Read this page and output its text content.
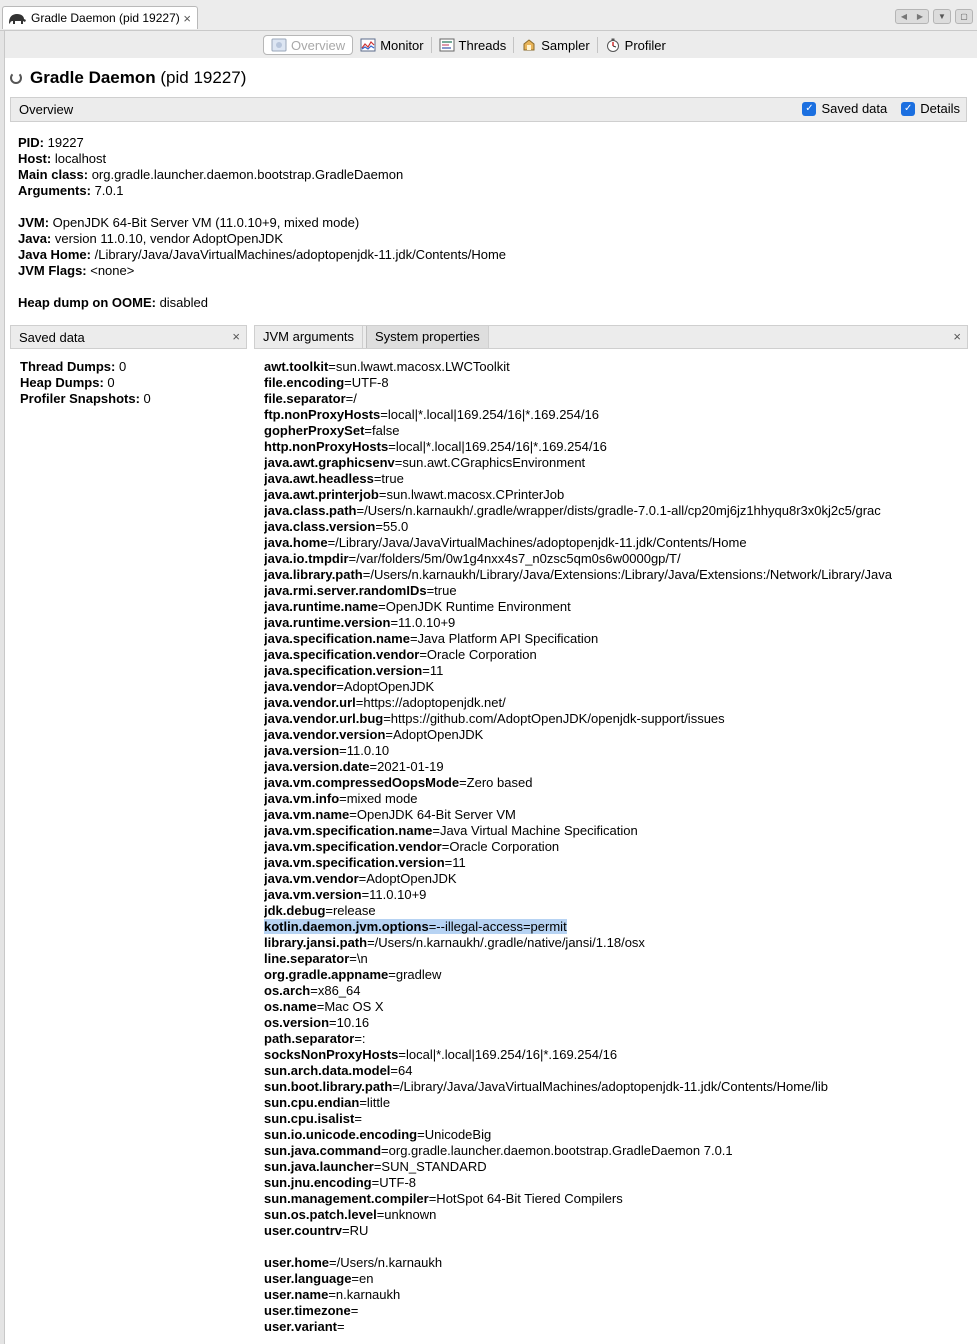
Gradle Daemon (pid 19227) ×	◀	▶	▼	▢
Overview	Monitor	Threads	Sampler	Profiler
Gradle Daemon (pid 19227)
Overview	✓ Saved data ✓ Details
PID: 19227
Host: localhost
Main class: org.gradle.launcher.daemon.bootstrap.GradleDaemon
Arguments: 7.0.1
JVM: OpenJDK 64-Bit Server VM (11.0.10+9, mixed mode)
Java: version 11.0.10, vendor AdoptOpenJDK
Java Home: /Library/Java/JavaVirtualMachines/adoptopenjdk-11.jdk/Contents/Home
JVM Flags: <none>
Heap dump on OOME: disabled
Saved data	×
Thread Dumps: 0
Heap Dumps: 0
Profiler Snapshots: 0
JVM arguments	System properties	×
awt.toolkit=sun.lwawt.macosx.LWCToolkit
file.encoding=UTF-8
file.separator=/
ftp.nonProxyHosts=local|*.local|169.254/16|*.169.254/16
gopherProxySet=false
http.nonProxyHosts=local|*.local|169.254/16|*.169.254/16
java.awt.graphicsenv=sun.awt.CGraphicsEnvironment
java.awt.headless=true
java.awt.printerjob=sun.lwawt.macosx.CPrinterJob
java.class.path=/Users/n.karnaukh/.gradle/wrapper/dists/gradle-7.0.1-all/cp20mj6jz1hhyqu8r3x0kj2c5/grac
java.class.version=55.0
java.home=/Library/Java/JavaVirtualMachines/adoptopenjdk-11.jdk/Contents/Home
java.io.tmpdir=/var/folders/5m/0w1g4nxx4s7_n0zsc5qm0s6w0000gp/T/
java.library.path=/Users/n.karnaukh/Library/Java/Extensions:/Library/Java/Extensions:/Network/Library/Java
java.rmi.server.randomIDs=true
java.runtime.name=OpenJDK Runtime Environment
java.runtime.version=11.0.10+9
java.specification.name=Java Platform API Specification
java.specification.vendor=Oracle Corporation
java.specification.version=11
java.vendor=AdoptOpenJDK
java.vendor.url=https://adoptopenjdk.net/
java.vendor.url.bug=https://github.com/AdoptOpenJDK/openjdk-support/issues
java.vendor.version=AdoptOpenJDK
java.version=11.0.10
java.version.date=2021-01-19
java.vm.compressedOopsMode=Zero based
java.vm.info=mixed mode
java.vm.name=OpenJDK 64-Bit Server VM
java.vm.specification.name=Java Virtual Machine Specification
java.vm.specification.vendor=Oracle Corporation
java.vm.specification.version=11
java.vm.vendor=AdoptOpenJDK
java.vm.version=11.0.10+9
jdk.debug=release
kotlin.daemon.jvm.options=--illegal-access=permit
library.jansi.path=/Users/n.karnaukh/.gradle/native/jansi/1.18/osx
line.separator=\n
org.gradle.appname=gradlew
os.arch=x86_64
os.name=Mac OS X
os.version=10.16
path.separator=:
socksNonProxyHosts=local|*.local|169.254/16|*.169.254/16
sun.arch.data.model=64
sun.boot.library.path=/Library/Java/JavaVirtualMachines/adoptopenjdk-11.jdk/Contents/Home/lib
sun.cpu.endian=little
sun.cpu.isalist=
sun.io.unicode.encoding=UnicodeBig
sun.java.command=org.gradle.launcher.daemon.bootstrap.GradleDaemon 7.0.1
sun.java.launcher=SUN_STANDARD
sun.jnu.encoding=UTF-8
sun.management.compiler=HotSpot 64-Bit Tiered Compilers
sun.os.patch.level=unknown
user.countrv=RU
user.home=/Users/n.karnaukh
user.language=en
user.name=n.karnaukh
user.timezone=
user.variant=
